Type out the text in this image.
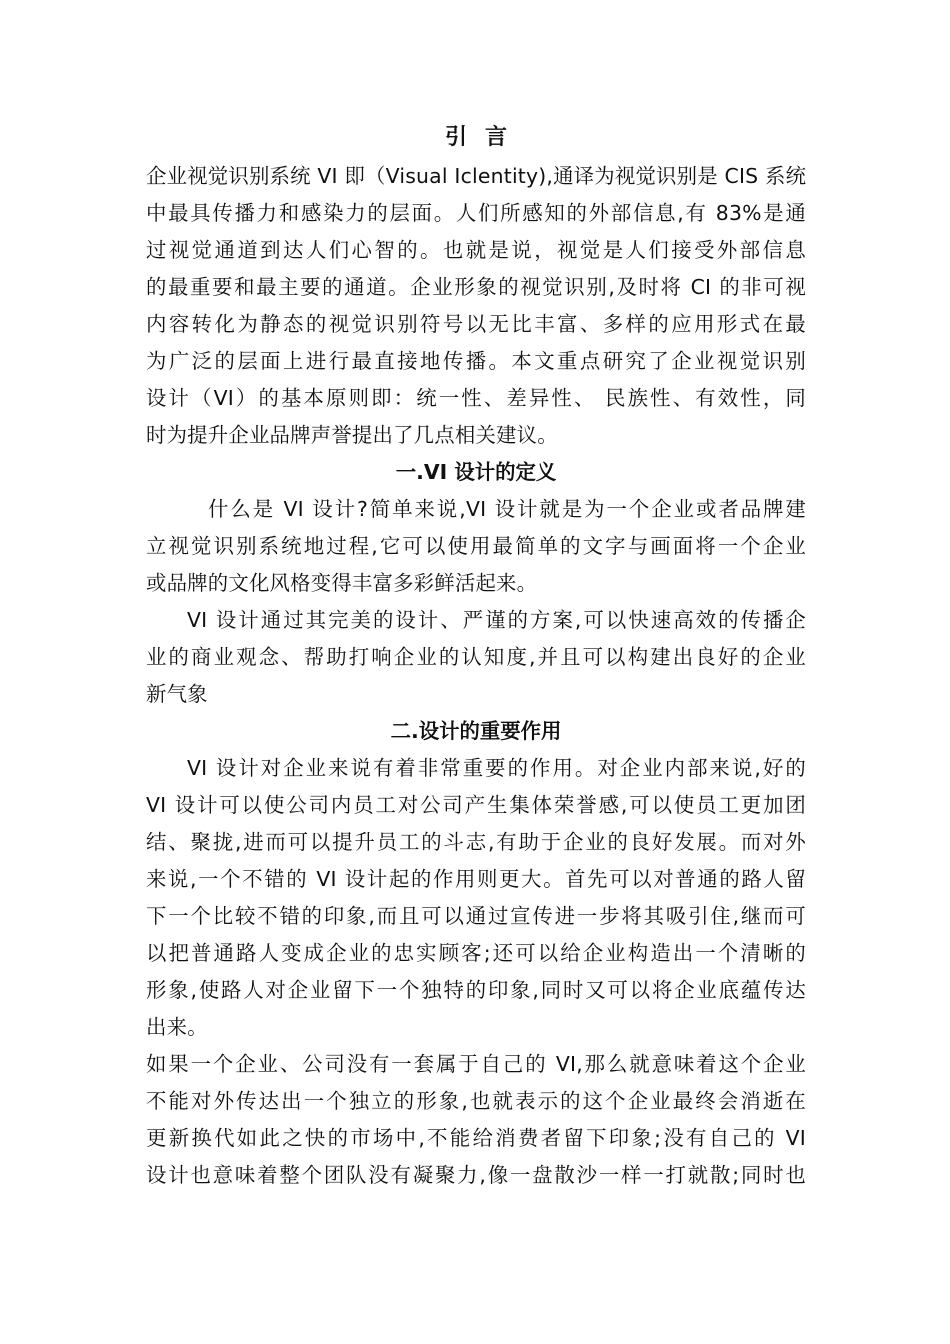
引言
企业视觉识别系统 VI 即（Visual Iclentity),通译为视觉识别是 CIS 系统
中最具传播力和感染力的层面。人们所感知的外部信息,有 83%是通
过视觉通道到达人们心智的。也就是说，视觉是人们接受外部信息
的最重要和最主要的通道。企业形象的视觉识别,及时将 CI 的非可视
内容转化为静态的视觉识别符号以无比丰富、多样的应用形式在最
为广泛的层面上进行最直接地传播。本文重点研究了企业视觉识别
设计（VI）的基本原则即：统一性、差异性、 民族性、有效性，同
时为提升企业品牌声誉提出了几点相关建议。
一.VI 设计的定义
什么是 VI 设计?简单来说,VI 设计就是为一个企业或者品牌建
立视觉识别系统地过程,它可以使用最简单的文字与画面将一个企业
或品牌的文化风格变得丰富多彩鲜活起来。
VI 设计通过其完美的设计、严谨的方案,可以快速高效的传播企
业的商业观念、帮助打响企业的认知度,并且可以构建出良好的企业
新气象
二.设计的重要作用
VI 设计对企业来说有着非常重要的作用。对企业内部来说,好的
VI 设计可以使公司内员工对公司产生集体荣誉感,可以使员工更加团
结、聚拢,进而可以提升员工的斗志,有助于企业的良好发展。而对外
来说,一个不错的 VI 设计起的作用则更大。首先可以对普通的路人留
下一个比较不错的印象,而且可以通过宣传进一步将其吸引住,继而可
以把普通路人变成企业的忠实顾客;还可以给企业构造出一个清晰的
形象,使路人对企业留下一个独特的印象,同时又可以将企业底蕴传达
出来。
如果一个企业、公司没有一套属于自己的 VI,那么就意味着这个企业
不能对外传达出一个独立的形象,也就表示的这个企业最终会消逝在
更新换代如此之快的市场中,不能给消费者留下印象;没有自己的 VI
设计也意味着整个团队没有凝聚力,像一盘散沙一样一打就散;同时也
